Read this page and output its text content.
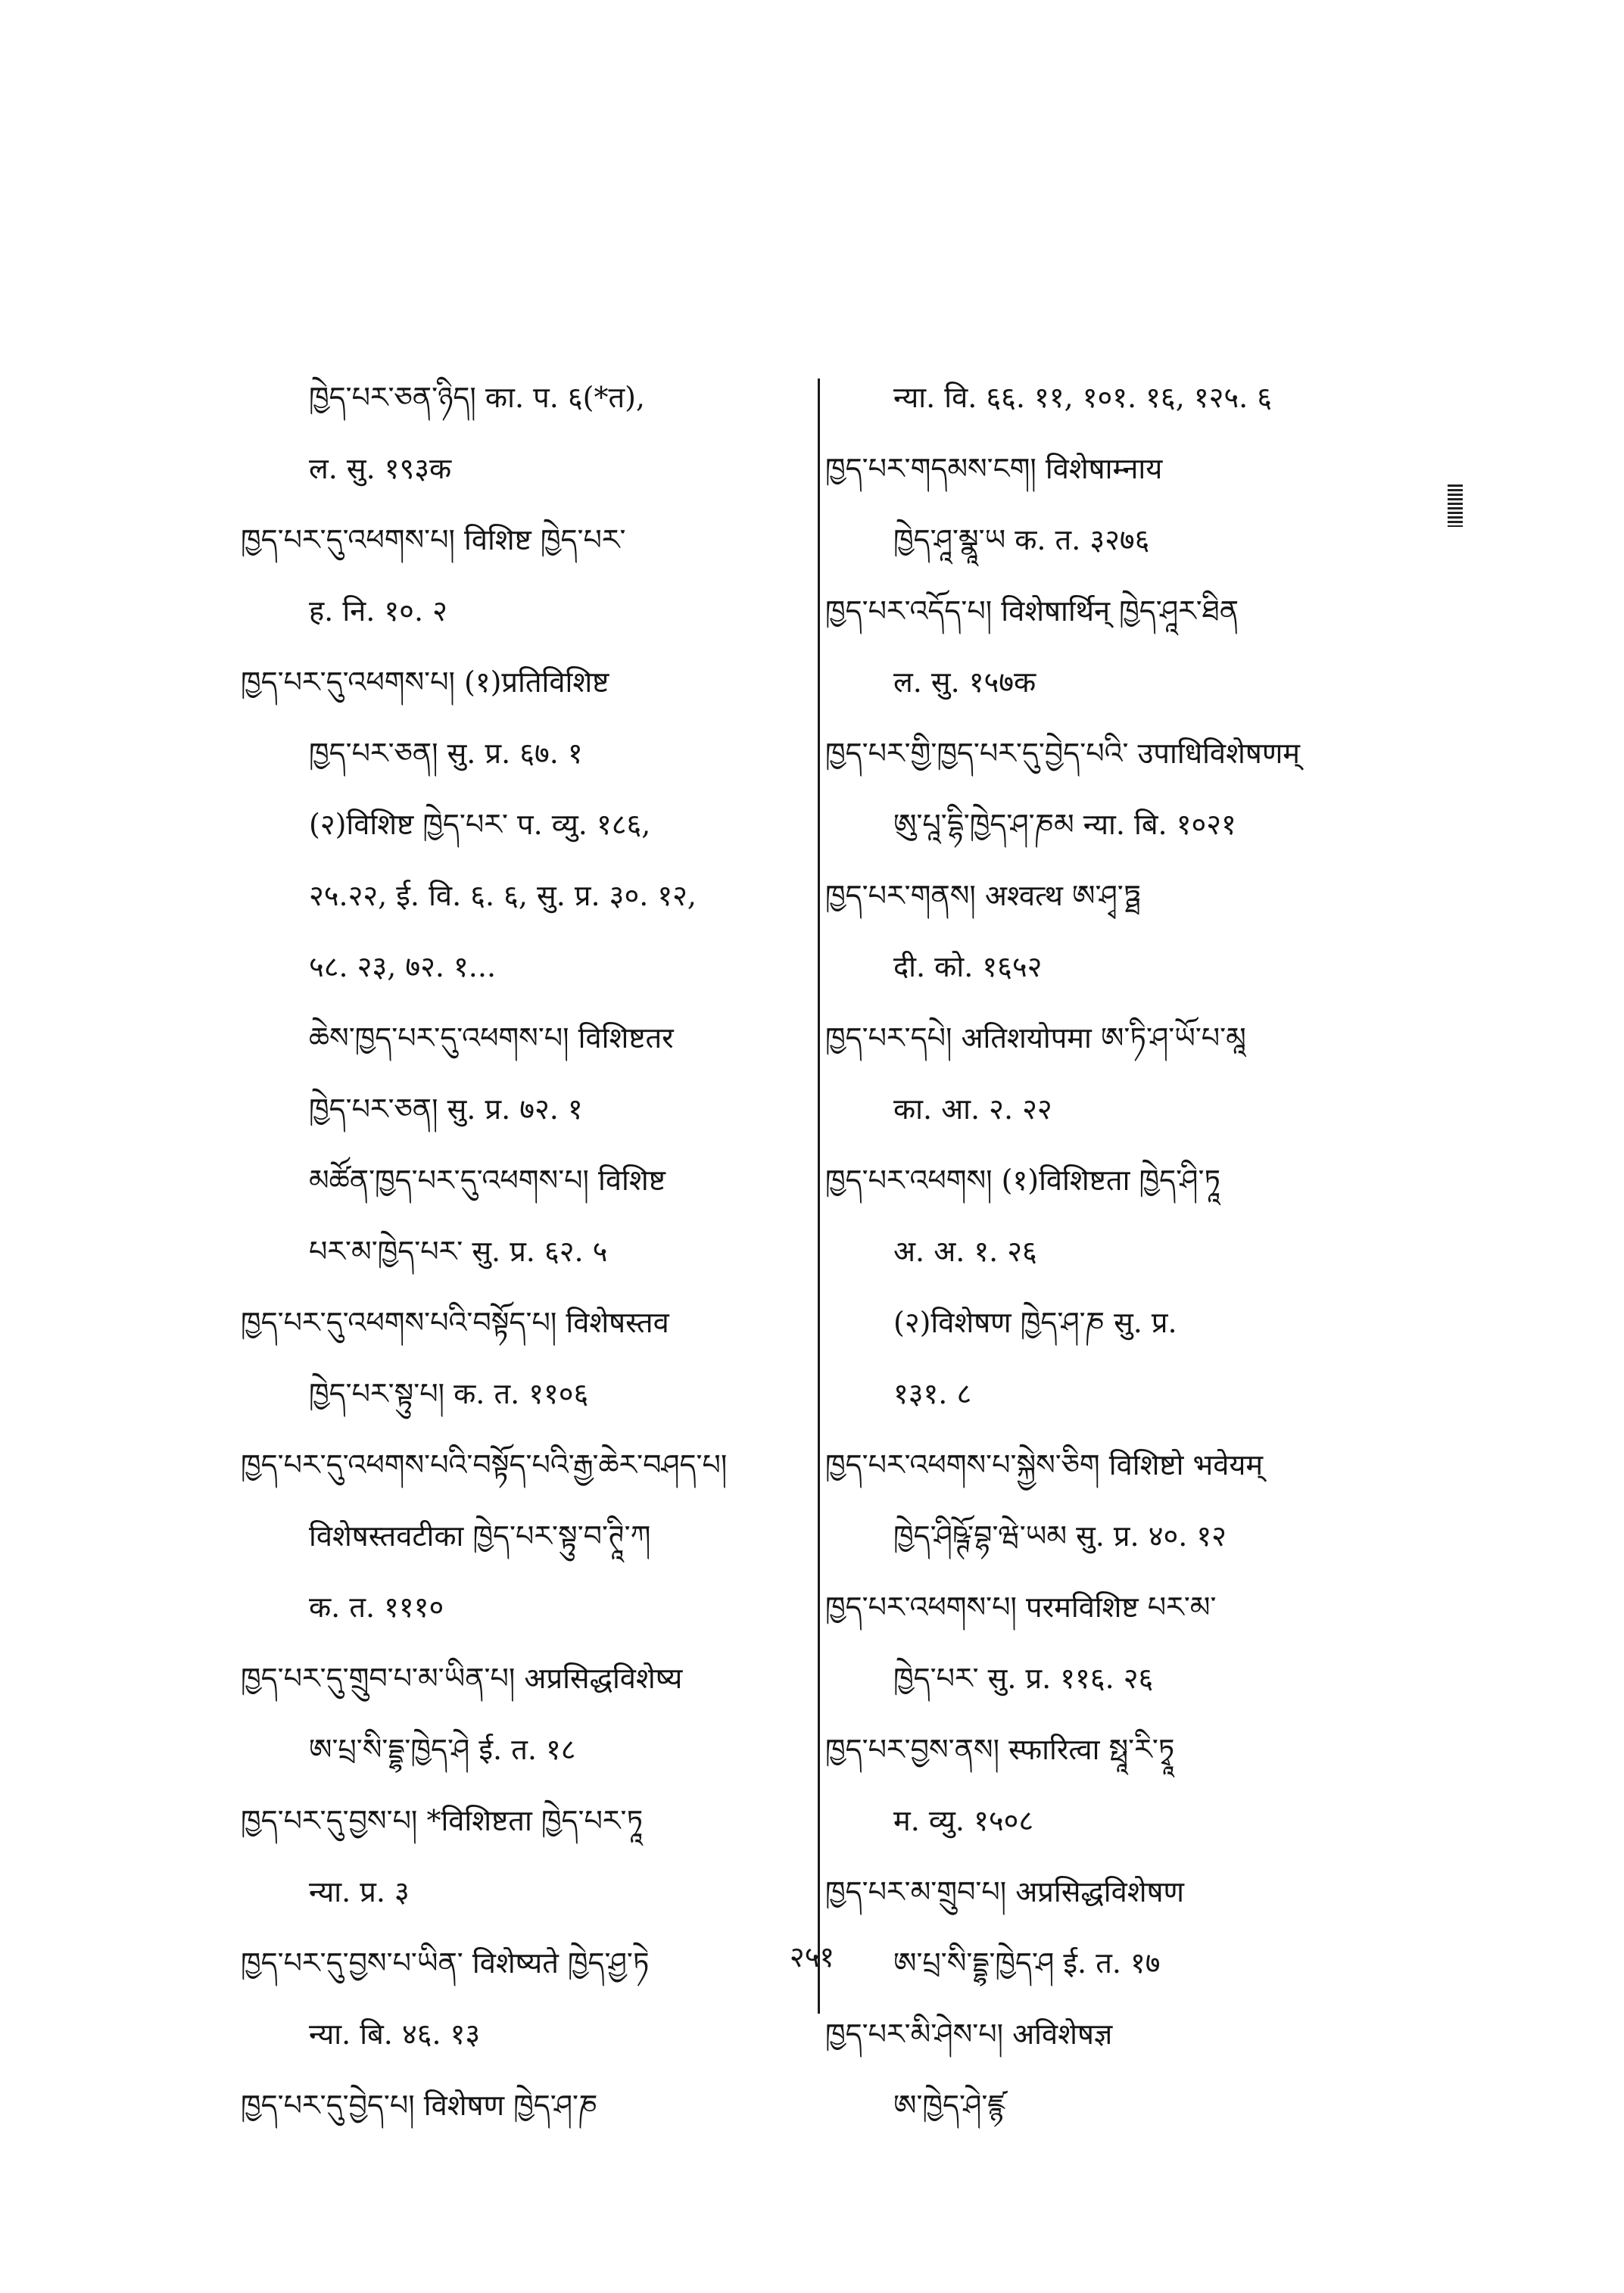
ཁྱེད་པར་ཅན་ཉིད། का. प. ६(*त),
ल. सु. १९३क
ཁྱད་པར་དུ་འཕགས་པ། विशिष्ट ཁྱེད་པར་
ह. नि. १०. २
ཁྱད་པར་དུ་འཕགས་པ། (१)प्रतिविशिष्ट
ཁྱད་པར་ཅན། सु. प्र. ६७. १
(२)विशिष्ट ཁྱེད་པར་ प. व्यु. १८६,
२५.२२, ई. वि. ६. ६, सु. प्र. ३०. १२,
५८. २३, ७२. १...
ཆེས་ཁྱད་པར་དུ་འཕགས་པ། विशिष्टतर
ཁྱེད་པར་ཅན། सु. प्र. ७२. १
མཚོན་ཁྱད་པར་དུ་འཕགས་པ། विशिष्ट
པར་མ་ཁྱེད་པར་ सु. प्र. ६२. ५
ཁྱད་པར་དུ་འཕགས་པའི་བསྟོད་པ། विशेषस्तव
ཁྱེད་པར་སྟུ་པ། क. त. ११०६
ཁྱད་པར་དུ་འཕགས་པའི་བསྟོད་པའི་རྒྱ་ཆེར་བཤད་པ།
विशेषस्तवटीका ཁྱེད་པར་སྟུ་བ་ཊཱི་ཀ
क. त. १११०
ཁྱད་པར་དུ་གྲུབ་པ་མ་ཡིན་པ། अप्रसिद्धविशेष्य
ཨ་པྲ་སི་དྡྷ་ཁྱེད་ཤེ ई. त. १८
ཁྱད་པར་དུ་བྱས་པ། *विशिष्टता ཁྱེད་པར་ཏཱ
न्या. प्र. ३
ཁྱད་པར་དུ་བྱས་པ་ཡིན་ विशेष्यते ཁྱེད་ཤྱ་ཏེ
न्या. बि. ४६. १३
ཁྱད་པར་དུ་བྱེད་པ། विशेषण ཁྱེད་ཤ་ཎ
न्या. वि. ६६. ११, १०१. १६, १२५. ६
ཁྱད་པར་གདམས་ངག། विशेषाम्नाय
ཁྱེད་ཤཱ་མྣཱ་ཡ क. त. ३२७६
ཁྱད་པར་འདོད་པ། विशेषार्थिन् ཁྱེད་ཤཱར་ཐིན
ल. सु. १५७क
ཁྱད་པར་གྱི་ཁྱད་པར་དུ་བྱེད་པའི་ उपाधिविशेषणम्
ཨུ་པཱ་དྷི་ཁྱེད་ཤ་ཎམ न्या. बि. १०२१
ཁྱད་པར་གནས། अश्वत्थ ཨ་ཤྭ་ཏྠ
दी. को. १६५२
ཁྱད་པར་དཔེ། अतिशयोपमा ཨ་ཏི་ཤ་ཡོ་པ་མཱ
का. आ. २. २२
ཁྱད་པར་འཕགས། (१)विशिष्टता ཁྱེད་ཤི་ཏཱ
अ. अ. १. २६
(२)विशेषण ཁྱེད་ཤ་ཎ सु. प्र.
१३१. ८
ཁྱད་པར་འཕགས་པ་སྐྱེས་ཅིག विशिष्टो भवेयम्
ཁྱེད་ཤིཥྚོ་བྷ་ཝེ་ཡམ सु. प्र. ४०. १२
ཁྱད་པར་འཕགས་པ། परमविशिष्ट པར་མ་
ཁྱེད་པར་ सु. प्र. ११६. २६
ཁྱད་པར་བྱས་ནས། स्फारित्वा སྥཱ་རི་ཏྭཱ
म. व्यु. १५०८
ཁྱད་པར་མ་གྲུབ་པ། अप्रसिद्धविशेषण
ཨ་པྲ་སི་དྡྷ་ཁྱེད་ཤ ई. त. १७
ཁྱད་པར་མི་ཤེས་པ། अविशेषज्ञ
ཨ་ཁྱེད་ཤེ་ཛྙ
२५१
